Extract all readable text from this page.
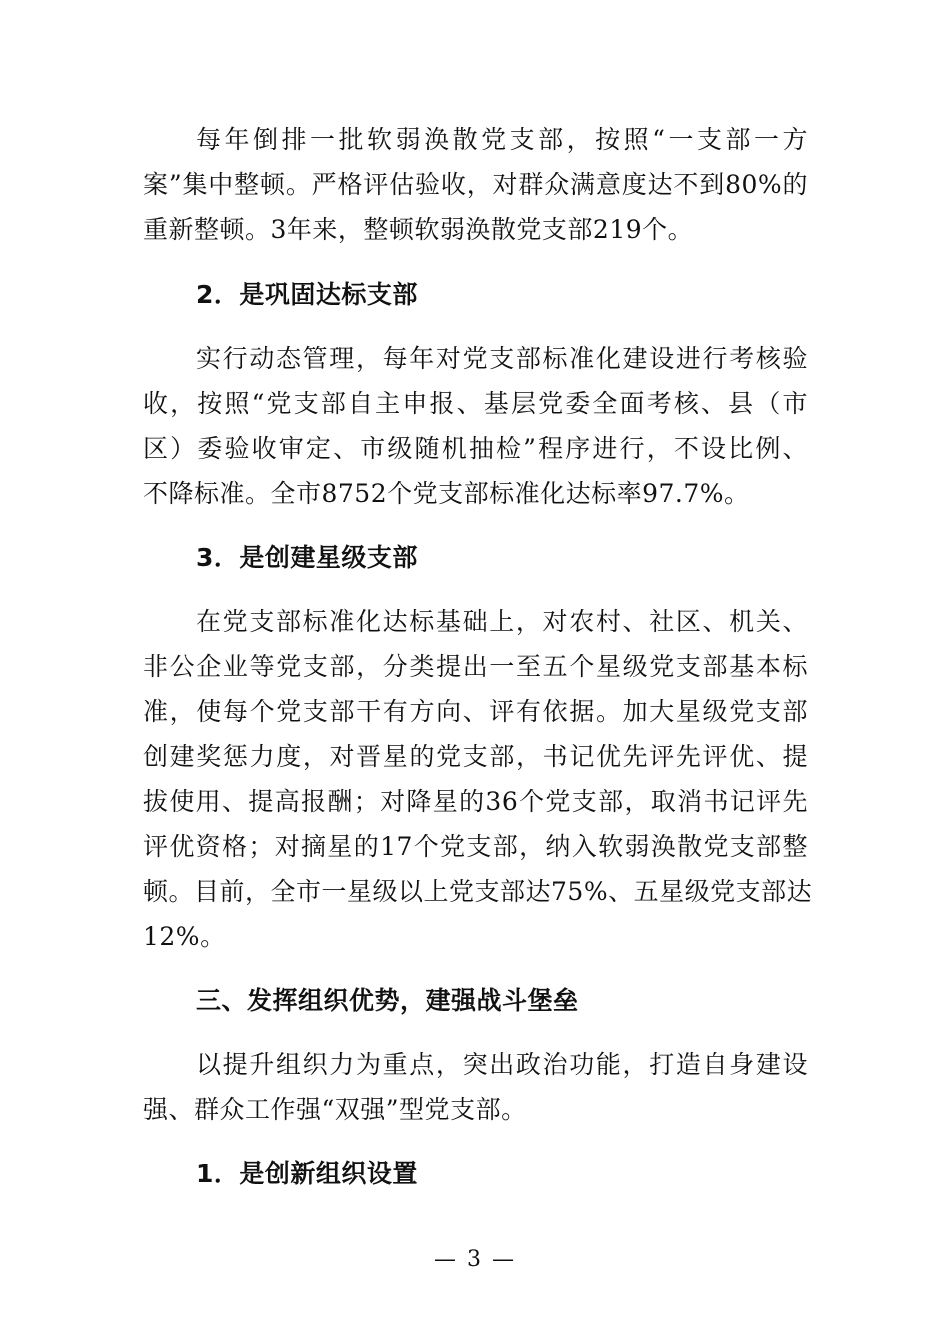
每年倒排一批软弱涣散党支部，按照“一支部一方
案”集中整顿。严格评估验收，对群众满意度达不到80%的
重新整顿。3年来，整顿软弱涣散党支部219个。
2．是巩固达标支部
实行动态管理，每年对党支部标准化建设进行考核验
收，按照“党支部自主申报、基层党委全面考核、县（市
区）委验收审定、市级随机抽检”程序进行，不设比例、
不降标准。全市8752个党支部标准化达标率97.7%。
3．是创建星级支部
在党支部标准化达标基础上，对农村、社区、机关、
非公企业等党支部，分类提出一至五个星级党支部基本标
准，使每个党支部干有方向、评有依据。加大星级党支部
创建奖惩力度，对晋星的党支部，书记优先评先评优、提
拔使用、提高报酬；对降星的36个党支部，取消书记评先
评优资格；对摘星的17个党支部，纳入软弱涣散党支部整
顿。目前，全市一星级以上党支部达75%、五星级党支部达
12%。
三、发挥组织优势，建强战斗堡垒
以提升组织力为重点，突出政治功能，打造自身建设
强、群众工作强“双强”型党支部。
1．是创新组织设置
— 3 —
